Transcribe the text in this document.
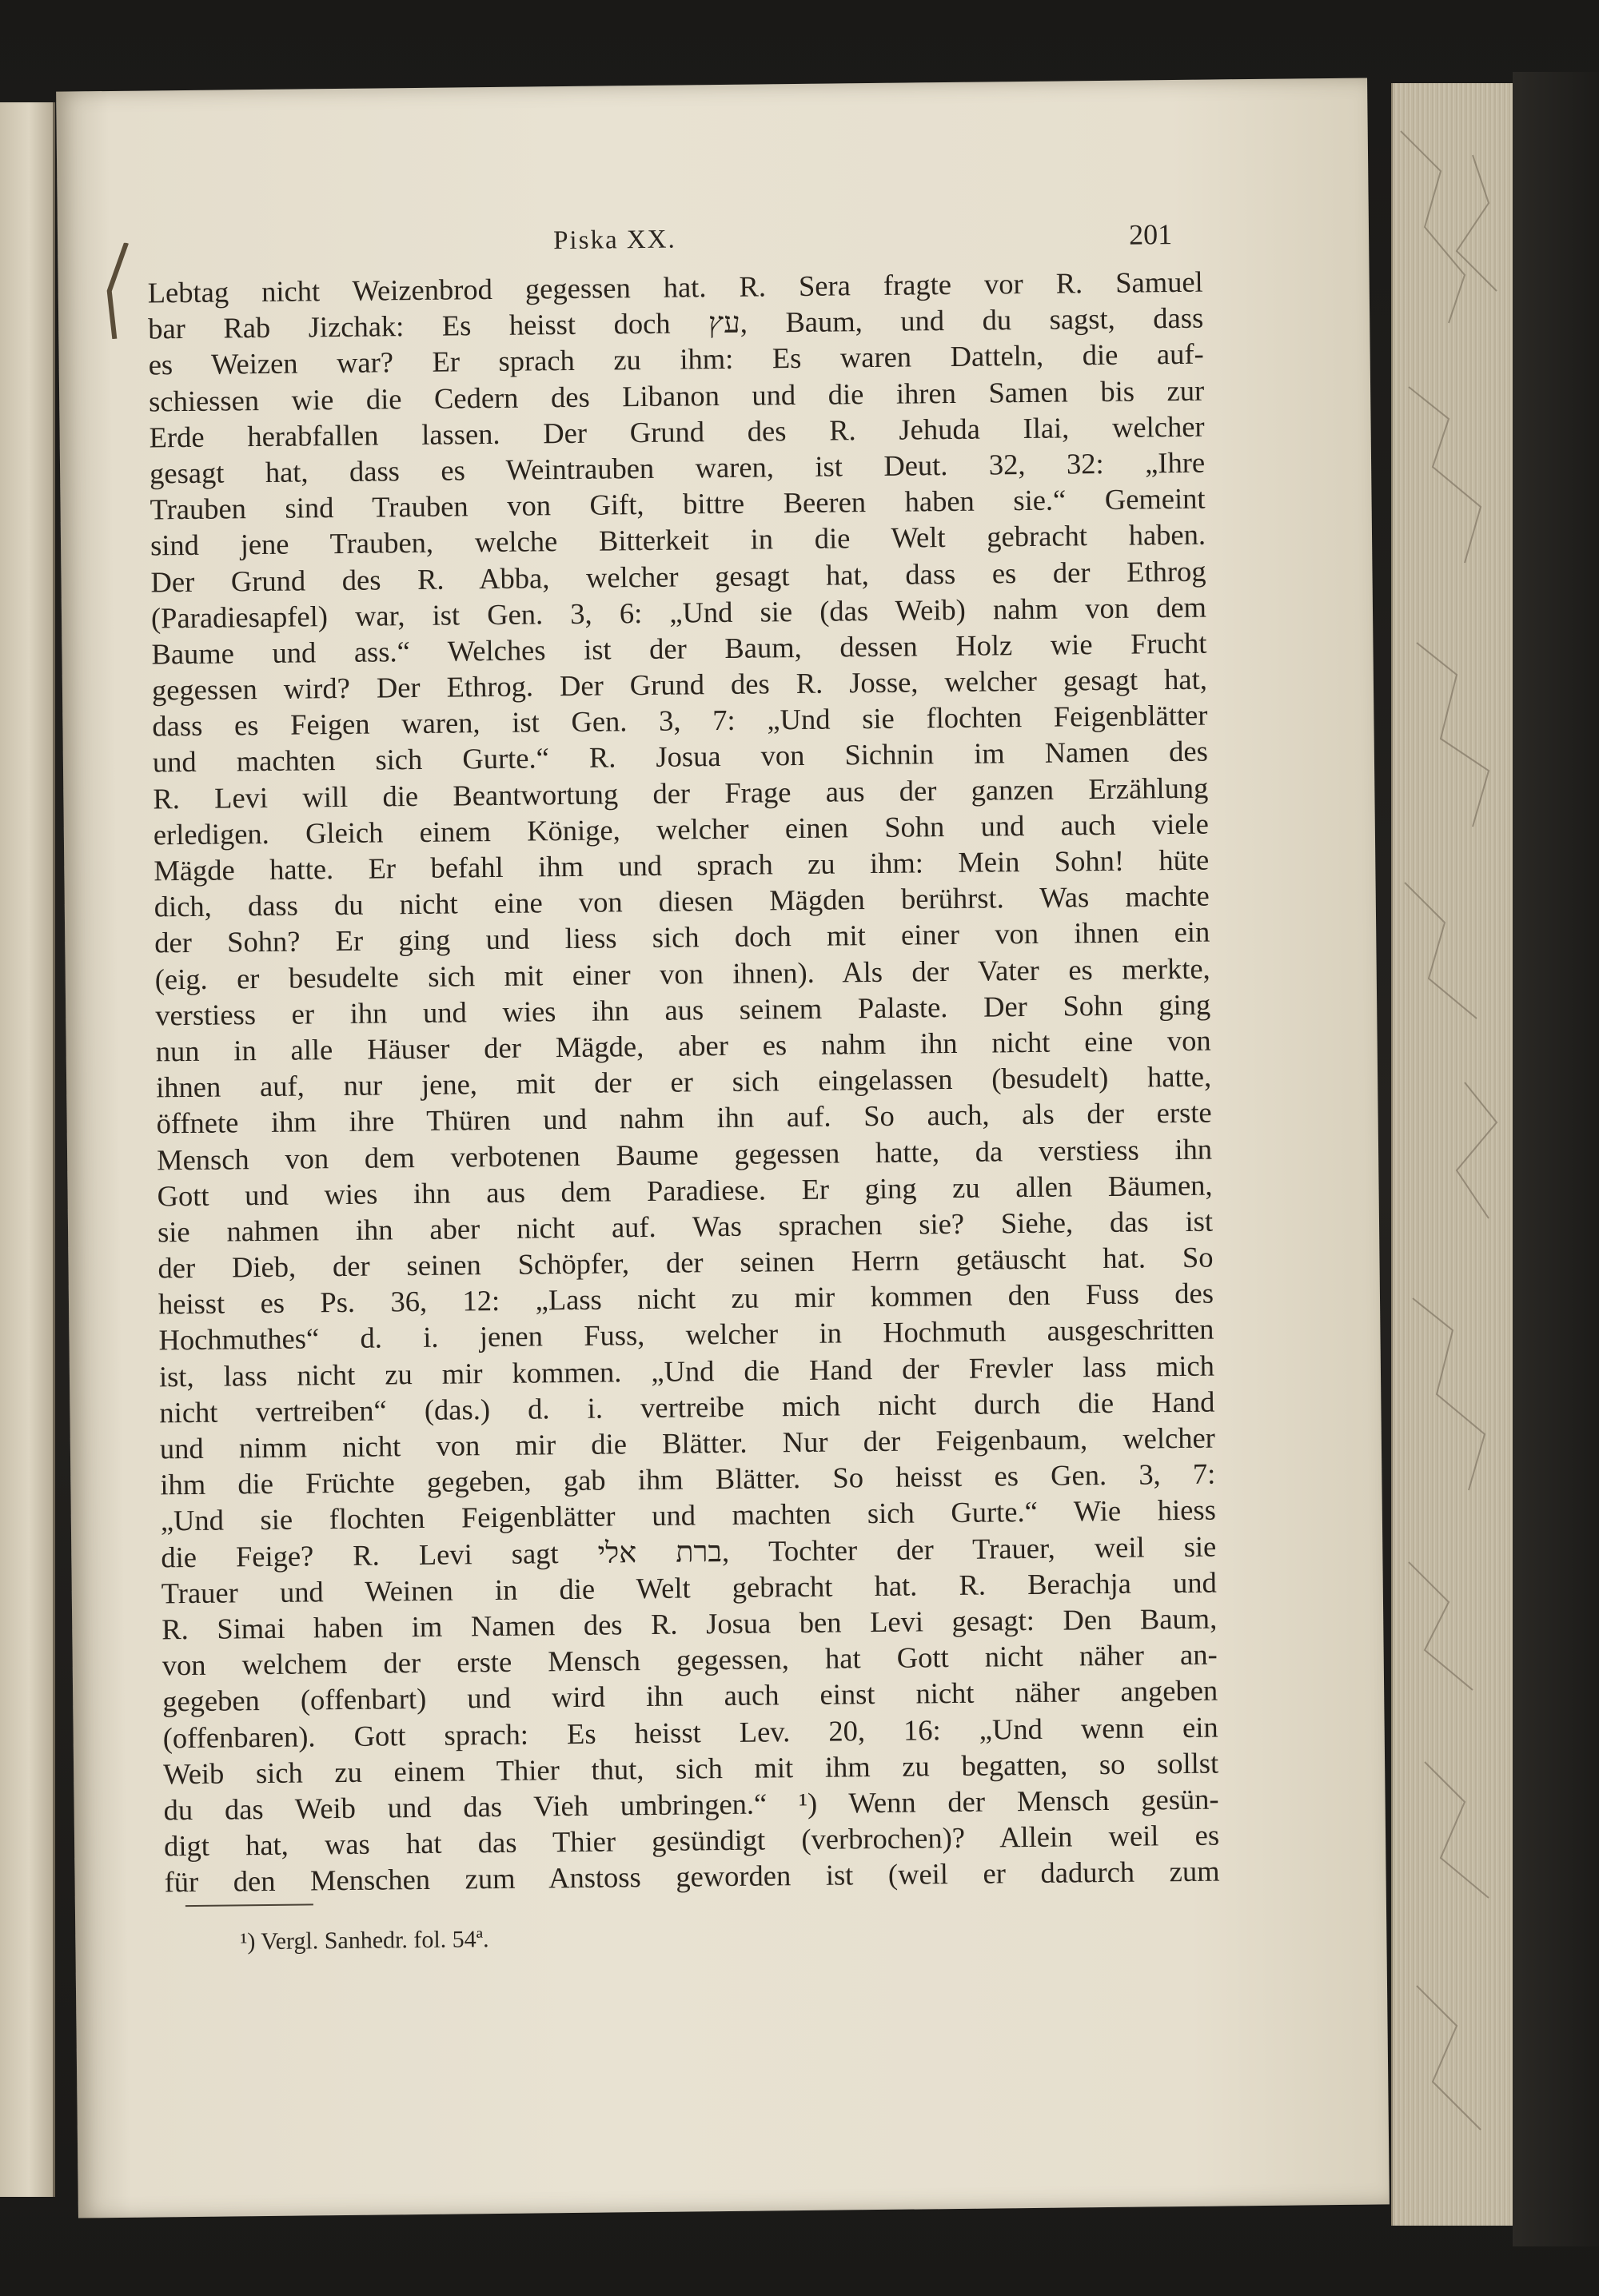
Piska XX.	201
Lebtag nicht Weizenbrod gegessen hat. R. Sera fragte vor R. Samuel
bar Rab Jizchak: Es heisst doch עץ, Baum, und du sagst, dass
es Weizen war? Er sprach zu ihm: Es waren Datteln, die auf-
schiessen wie die Cedern des Libanon und die ihren Samen bis zur
Erde herabfallen lassen. Der Grund des R. Jehuda Ilai, welcher
gesagt hat, dass es Weintrauben waren, ist Deut. 32, 32: „Ihre
Trauben sind Trauben von Gift, bittre Beeren haben sie.“ Gemeint
sind jene Trauben, welche Bitterkeit in die Welt gebracht haben.
Der Grund des R. Abba, welcher gesagt hat, dass es der Ethrog
(Paradiesapfel) war, ist Gen. 3, 6: „Und sie (das Weib) nahm von dem
Baume und ass.“ Welches ist der Baum, dessen Holz wie Frucht
gegessen wird? Der Ethrog. Der Grund des R. Josse, welcher gesagt hat,
dass es Feigen waren, ist Gen. 3, 7: „Und sie flochten Feigenblätter
und machten sich Gurte.“ R. Josua von Sichnin im Namen des
R. Levi will die Beantwortung der Frage aus der ganzen Erzählung
erledigen. Gleich einem Könige, welcher einen Sohn und auch viele
Mägde hatte. Er befahl ihm und sprach zu ihm: Mein Sohn! hüte
dich, dass du nicht eine von diesen Mägden berührst. Was machte
der Sohn? Er ging und liess sich doch mit einer von ihnen ein
(eig. er besudelte sich mit einer von ihnen). Als der Vater es merkte,
verstiess er ihn und wies ihn aus seinem Palaste. Der Sohn ging
nun in alle Häuser der Mägde, aber es nahm ihn nicht eine von
ihnen auf, nur jene, mit der er sich eingelassen (besudelt) hatte,
öffnete ihm ihre Thüren und nahm ihn auf. So auch, als der erste
Mensch von dem verbotenen Baume gegessen hatte, da verstiess ihn
Gott und wies ihn aus dem Paradiese. Er ging zu allen Bäumen,
sie nahmen ihn aber nicht auf. Was sprachen sie? Siehe, das ist
der Dieb, der seinen Schöpfer, der seinen Herrn getäuscht hat. So
heisst es Ps. 36, 12: „Lass nicht zu mir kommen den Fuss des
Hochmuthes“ d. i. jenen Fuss, welcher in Hochmuth ausgeschritten
ist, lass nicht zu mir kommen. „Und die Hand der Frevler lass mich
nicht vertreiben“ (das.) d. i. vertreibe mich nicht durch die Hand
und nimm nicht von mir die Blätter. Nur der Feigenbaum, welcher
ihm die Früchte gegeben, gab ihm Blätter. So heisst es Gen. 3, 7:
„Und sie flochten Feigenblätter und machten sich Gurte.“ Wie hiess
die Feige? R. Levi sagt ברת אלי, Tochter der Trauer, weil sie
Trauer und Weinen in die Welt gebracht hat. R. Berachja und
R. Simai haben im Namen des R. Josua ben Levi gesagt: Den Baum,
von welchem der erste Mensch gegessen, hat Gott nicht näher an-
gegeben (offenbart) und wird ihn auch einst nicht näher angeben
(offenbaren). Gott sprach: Es heisst Lev. 20, 16: „Und wenn ein
Weib sich zu einem Thier thut, sich mit ihm zu begatten, so sollst
du das Weib und das Vieh umbringen.“ ¹) Wenn der Mensch gesün-
digt hat, was hat das Thier gesündigt (verbrochen)? Allein weil es
für den Menschen zum Anstoss geworden ist (weil er dadurch zum
¹) Vergl. Sanhedr. fol. 54ª.
